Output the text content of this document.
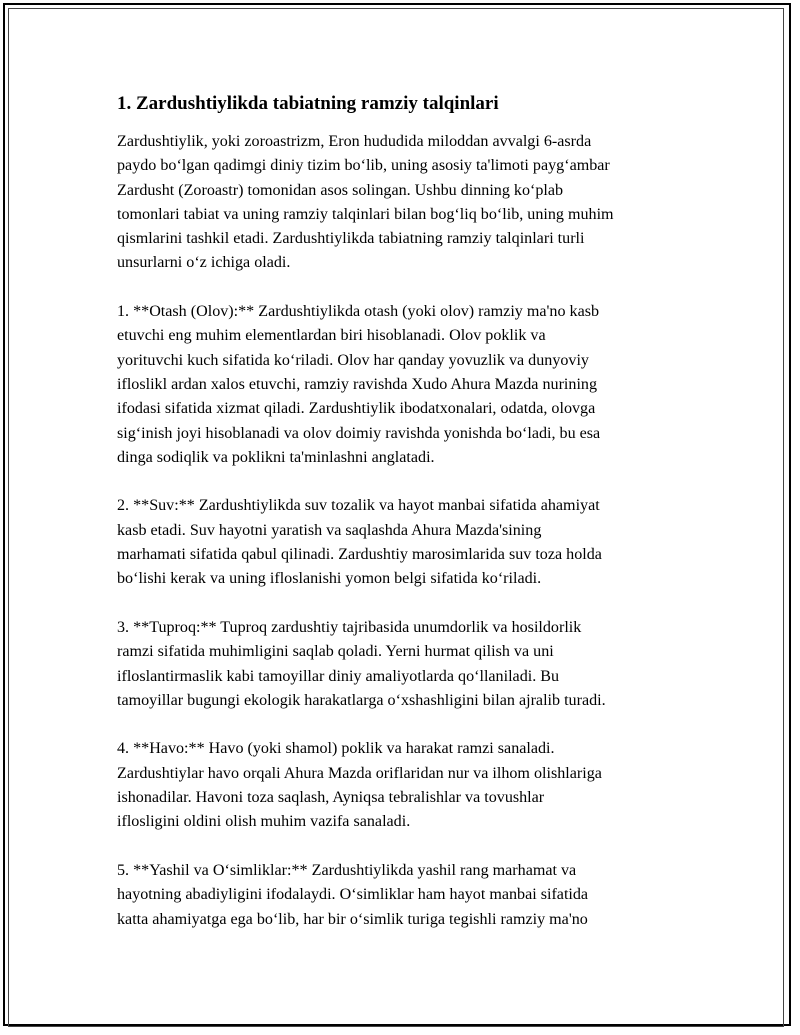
1. Zardushtiylikda tabiatning ramziy talqinlari

Zardushtiylik, yoki zoroastrizm, Eron hududida miloddan avvalgi 6-asrda
paydo bo‘lgan qadimgi diniy tizim bo‘lib, uning asosiy ta'limoti payg‘ambar
Zardusht (Zoroastr) tomonidan asos solingan. Ushbu dinning ko‘plab
tomonlari tabiat va uning ramziy talqinlari bilan bog‘liq bo‘lib, uning muhim
qismlarini tashkil etadi. Zardushtiylikda tabiatning ramziy talqinlari turli
unsurlarni o‘z ichiga oladi.

1. **Otash (Olov):** Zardushtiylikda otash (yoki olov) ramziy ma'no kasb
etuvchi eng muhim elementlardan biri hisoblanadi. Olov poklik va
yorituvchi kuch sifatida ko‘riladi. Olov har qanday yovuzlik va dunyoviy
ifloslikl ardan xalos etuvchi, ramziy ravishda Xudo Ahura Mazda nurining
ifodasi sifatida xizmat qiladi. Zardushtiylik ibodatxonalari, odatda, olovga
sig‘inish joyi hisoblanadi va olov doimiy ravishda yonishda bo‘ladi, bu esa
dinga sodiqlik va poklikni ta'minlashni anglatadi.

2. **Suv:** Zardushtiylikda suv tozalik va hayot manbai sifatida ahamiyat
kasb etadi. Suv hayotni yaratish va saqlashda Ahura Mazda'sining
marhamati sifatida qabul qilinadi. Zardushtiy marosimlarida suv toza holda
bo‘lishi kerak va uning ifloslanishi yomon belgi sifatida ko‘riladi.

3. **Tuproq:** Tuproq zardushtiy tajribasida unumdorlik va hosildorlik
ramzi sifatida muhimligini saqlab qoladi. Yerni hurmat qilish va uni
ifloslantirmaslik kabi tamoyillar diniy amaliyotlarda qo‘llaniladi. Bu
tamoyillar bugungi ekologik harakatlarga o‘xshashligini bilan ajralib turadi.

4. **Havo:** Havo (yoki shamol) poklik va harakat ramzi sanaladi.
Zardushtiylar havo orqali Ahura Mazda oriflaridan nur va ilhom olishlariga
ishonadilar. Havoni toza saqlash, Ayniqsa tebralishlar va tovushlar
iflosligini oldini olish muhim vazifa sanaladi.

5. **Yashil va O‘simliklar:** Zardushtiylikda yashil rang marhamat va
hayotning abadiyligini ifodalaydi. O‘simliklar ham hayot manbai sifatida
katta ahamiyatga ega bo‘lib, har bir o‘simlik turiga tegishli ramziy ma'no
